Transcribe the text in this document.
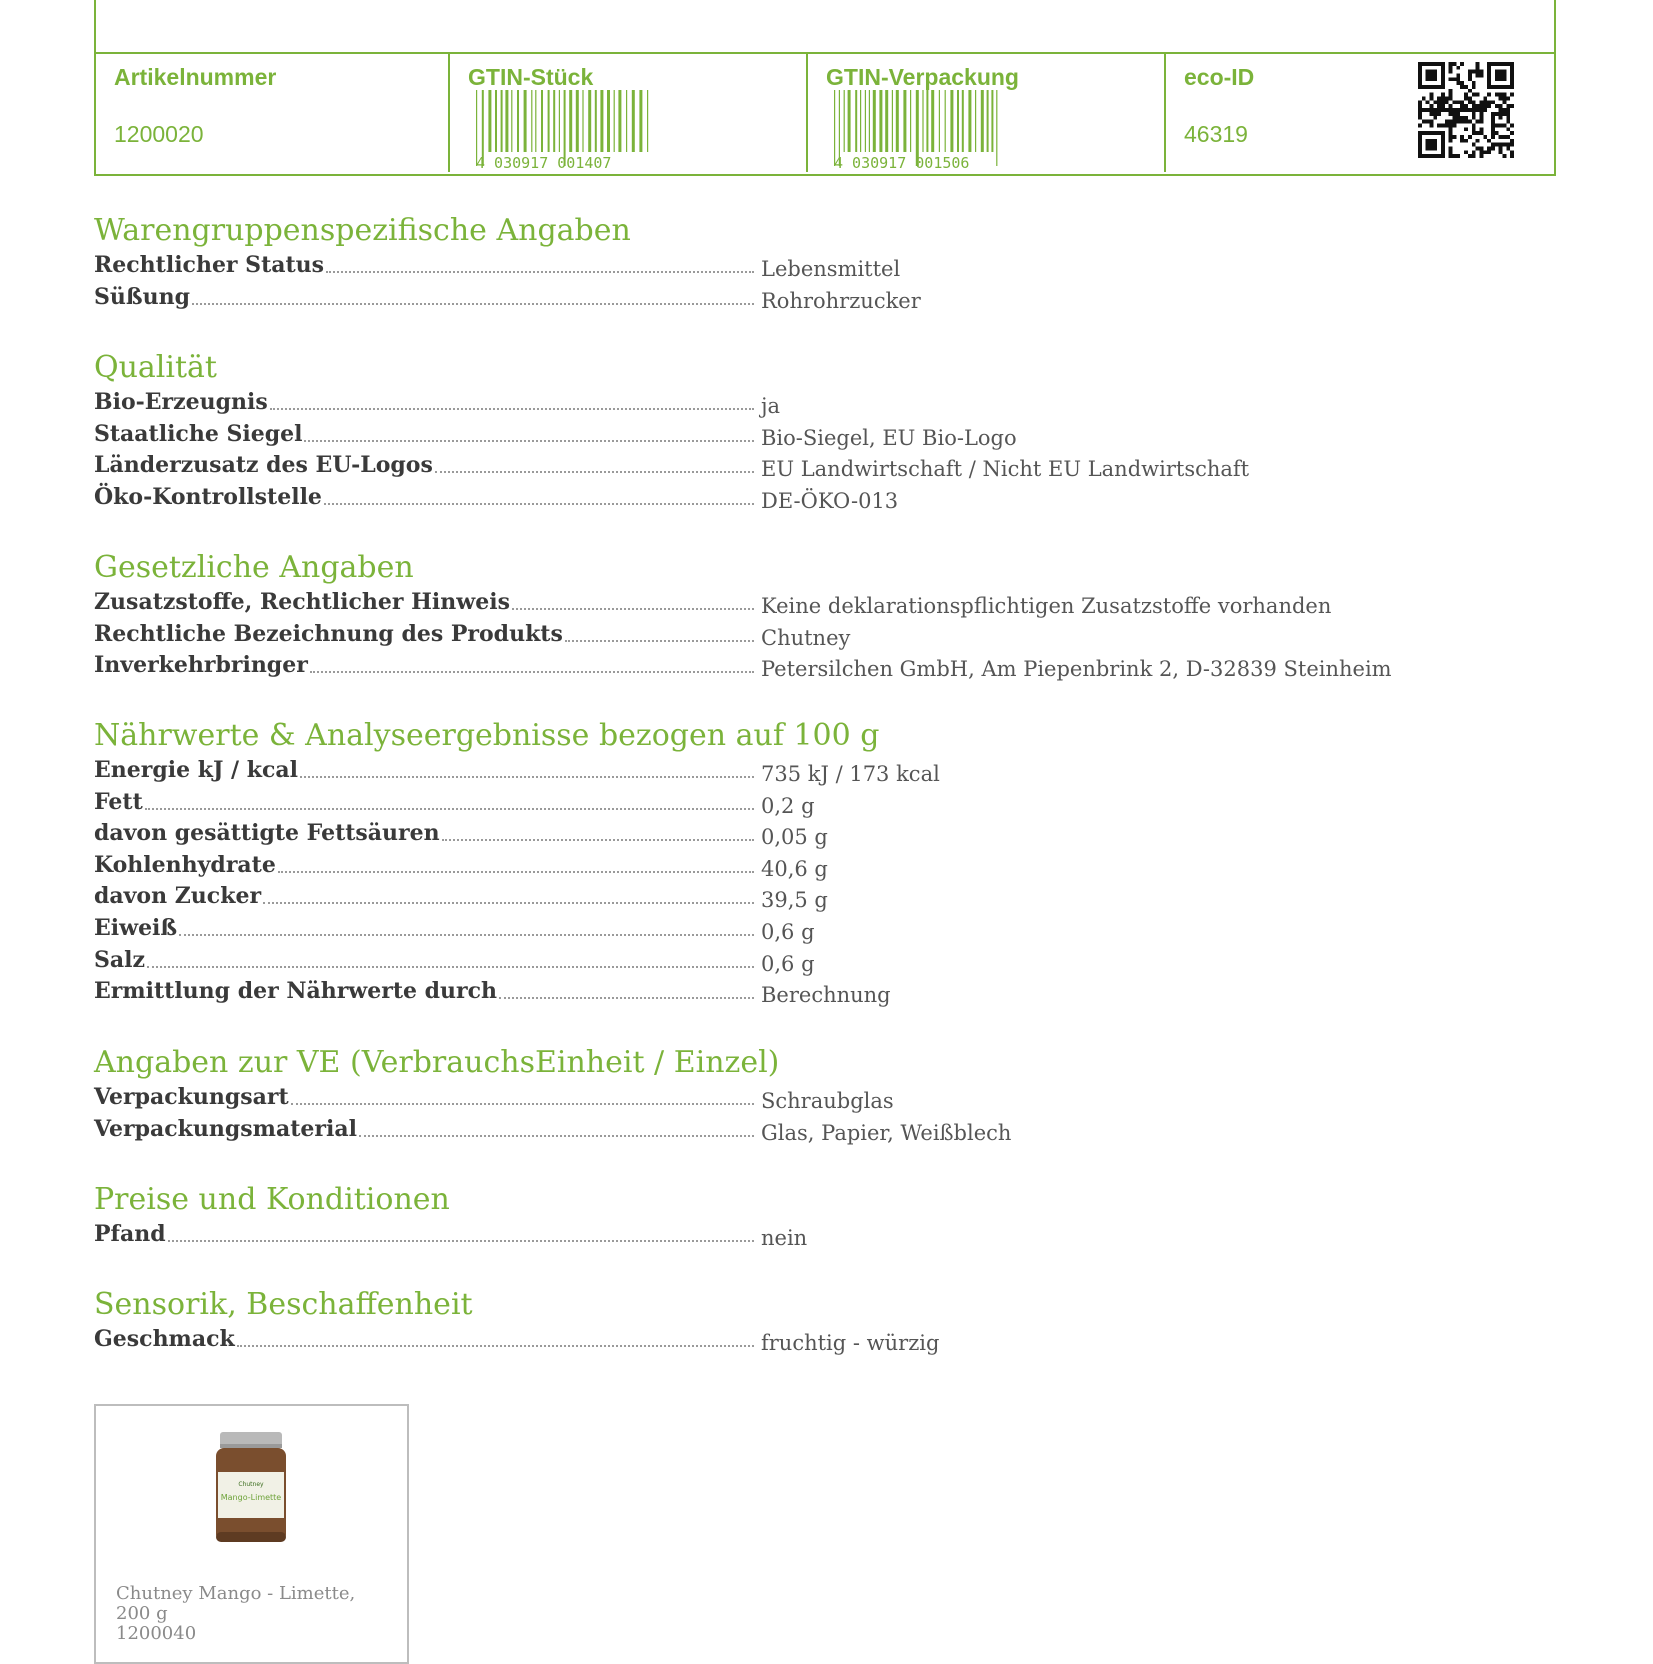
Artikelnummer
1200020
GTIN-Stück
4 030917 001407
GTIN-Verpackung
4 030917 001506
eco-ID
46319
Warengruppenspezifische Angaben
Rechtlicher Status	Lebensmittel
Süßung	Rohrohrzucker
Qualität
Bio-Erzeugnis	ja
Staatliche Siegel	Bio-Siegel, EU Bio-Logo
Länderzusatz des EU-Logos	EU Landwirtschaft / Nicht EU Landwirtschaft
Öko-Kontrollstelle	DE-ÖKO-013
Gesetzliche Angaben
Zusatzstoffe, Rechtlicher Hinweis	Keine deklarationspflichtigen Zusatzstoffe vorhanden
Rechtliche Bezeichnung des Produkts	Chutney
Inverkehrbringer	Petersilchen GmbH, Am Piepenbrink 2, D-32839 Steinheim
Nährwerte & Analyseergebnisse bezogen auf 100 g
Energie kJ / kcal	735 kJ / 173 kcal
Fett	0,2 g
davon gesättigte Fettsäuren	0,05 g
Kohlenhydrate	40,6 g
davon Zucker	39,5 g
Eiweiß	0,6 g
Salz	0,6 g
Ermittlung der Nährwerte durch	Berechnung
Angaben zur VE (VerbrauchsEinheit / Einzel)
Verpackungsart	Schraubglas
Verpackungsmaterial	Glas, Papier, Weißblech
Preise und Konditionen
Pfand	nein
Sensorik, Beschaffenheit
Geschmack	fruchtig - würzig
Chutney
Mango-Limette
Chutney Mango - Limette,
200 g
1200040
